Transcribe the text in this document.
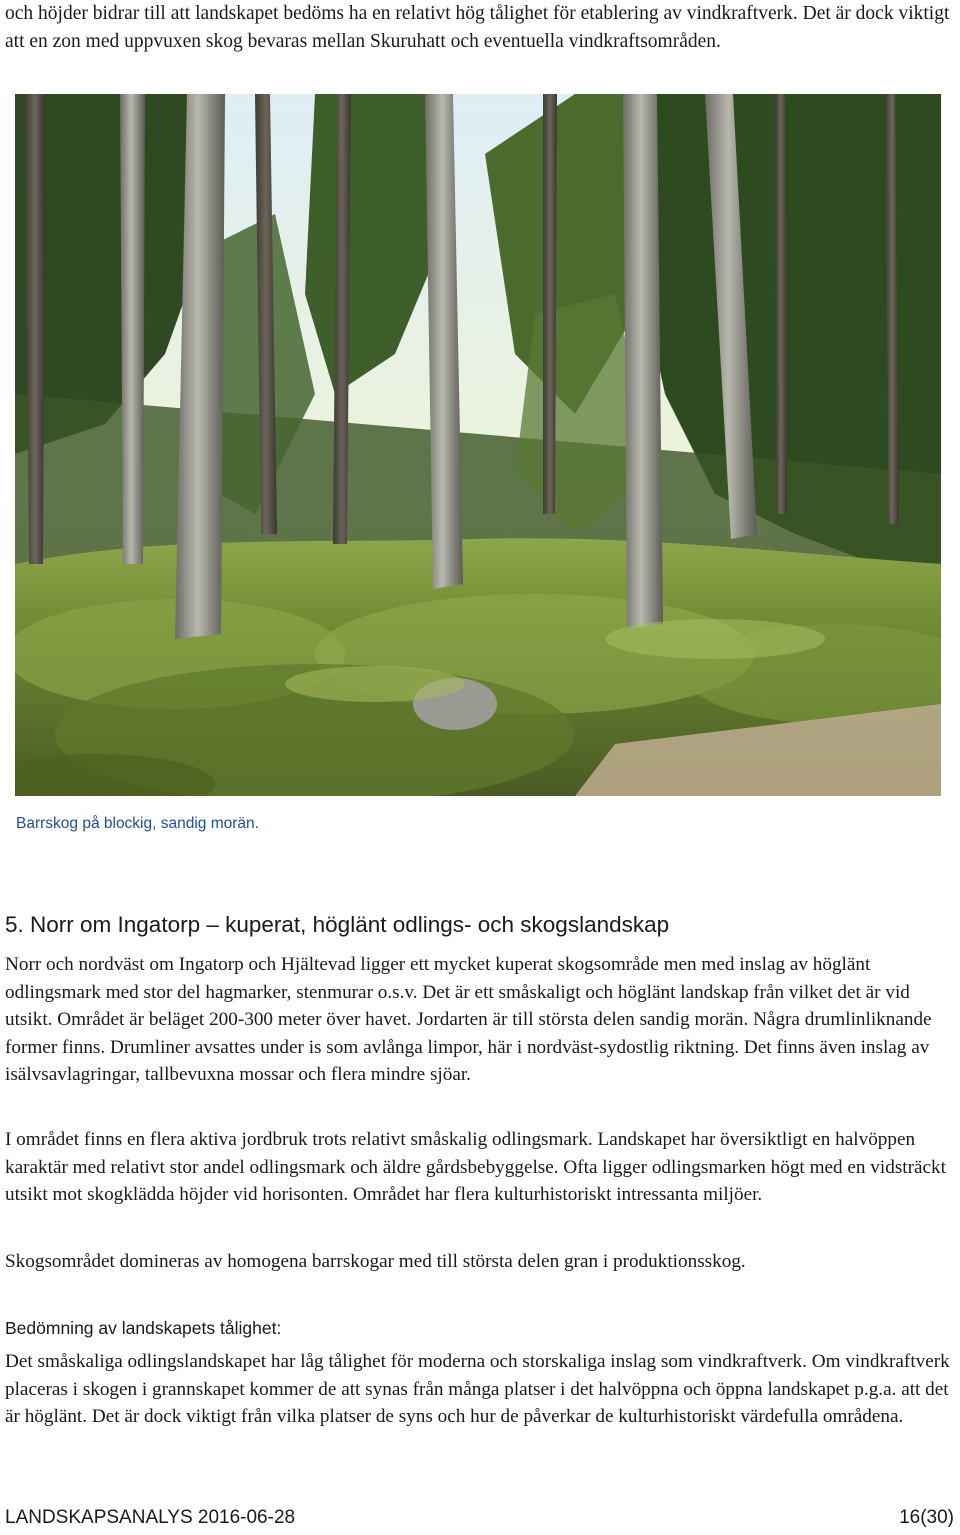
och höjder bidrar till att landskapet bedöms ha en relativt hög tålighet för etablering av vindkraftverk. Det är dock viktigt att en zon med uppvuxen skog bevaras mellan Skuruhatt och eventuella vindkraftsområden.

Barrskog på blockig, sandig morän.

5. Norr om Ingatorp – kuperat, höglänt odlings- och skogslandskap

Norr och nordväst om Ingatorp och Hjältevad ligger ett mycket kuperat skogsområde men med inslag av höglänt odlingsmark med stor del hagmarker, stenmurar o.s.v. Det är ett småskaligt och höglänt landskap från vilket det är vid utsikt. Området är beläget 200-300 meter över havet. Jordarten är till största delen sandig morän. Några drumlinliknande former finns. Drumliner avsattes under is som avlånga limpor, här i nordväst-sydostlig riktning. Det finns även inslag av isälvsavlagringar, tallbevuxna mossar och flera mindre sjöar.

I området finns en flera aktiva jordbruk trots relativt småskalig odlingsmark. Landskapet har översiktligt en halvöppen karaktär med relativt stor andel odlingsmark och äldre gårdsbebyggelse. Ofta ligger odlingsmarken högt med en vidsträckt utsikt mot skogklädda höjder vid horisonten. Området har flera kulturhistoriskt intressanta miljöer.

Skogsområdet domineras av homogena barrskogar med till största delen gran i produktionsskog.

Bedömning av landskapets tålighet:

Det småskaliga odlingslandskapet har låg tålighet för moderna och storskaliga inslag som vindkraftverk. Om vindkraftverk placeras i skogen i grannskapet kommer de att synas från många platser i det halvöppna och öppna landskapet p.g.a. att det är höglänt. Det är dock viktigt från vilka platser de syns och hur de påverkar de kulturhistoriskt värdefulla områdena.

LANDSKAPSANALYS 2016-06-28	16(30)
